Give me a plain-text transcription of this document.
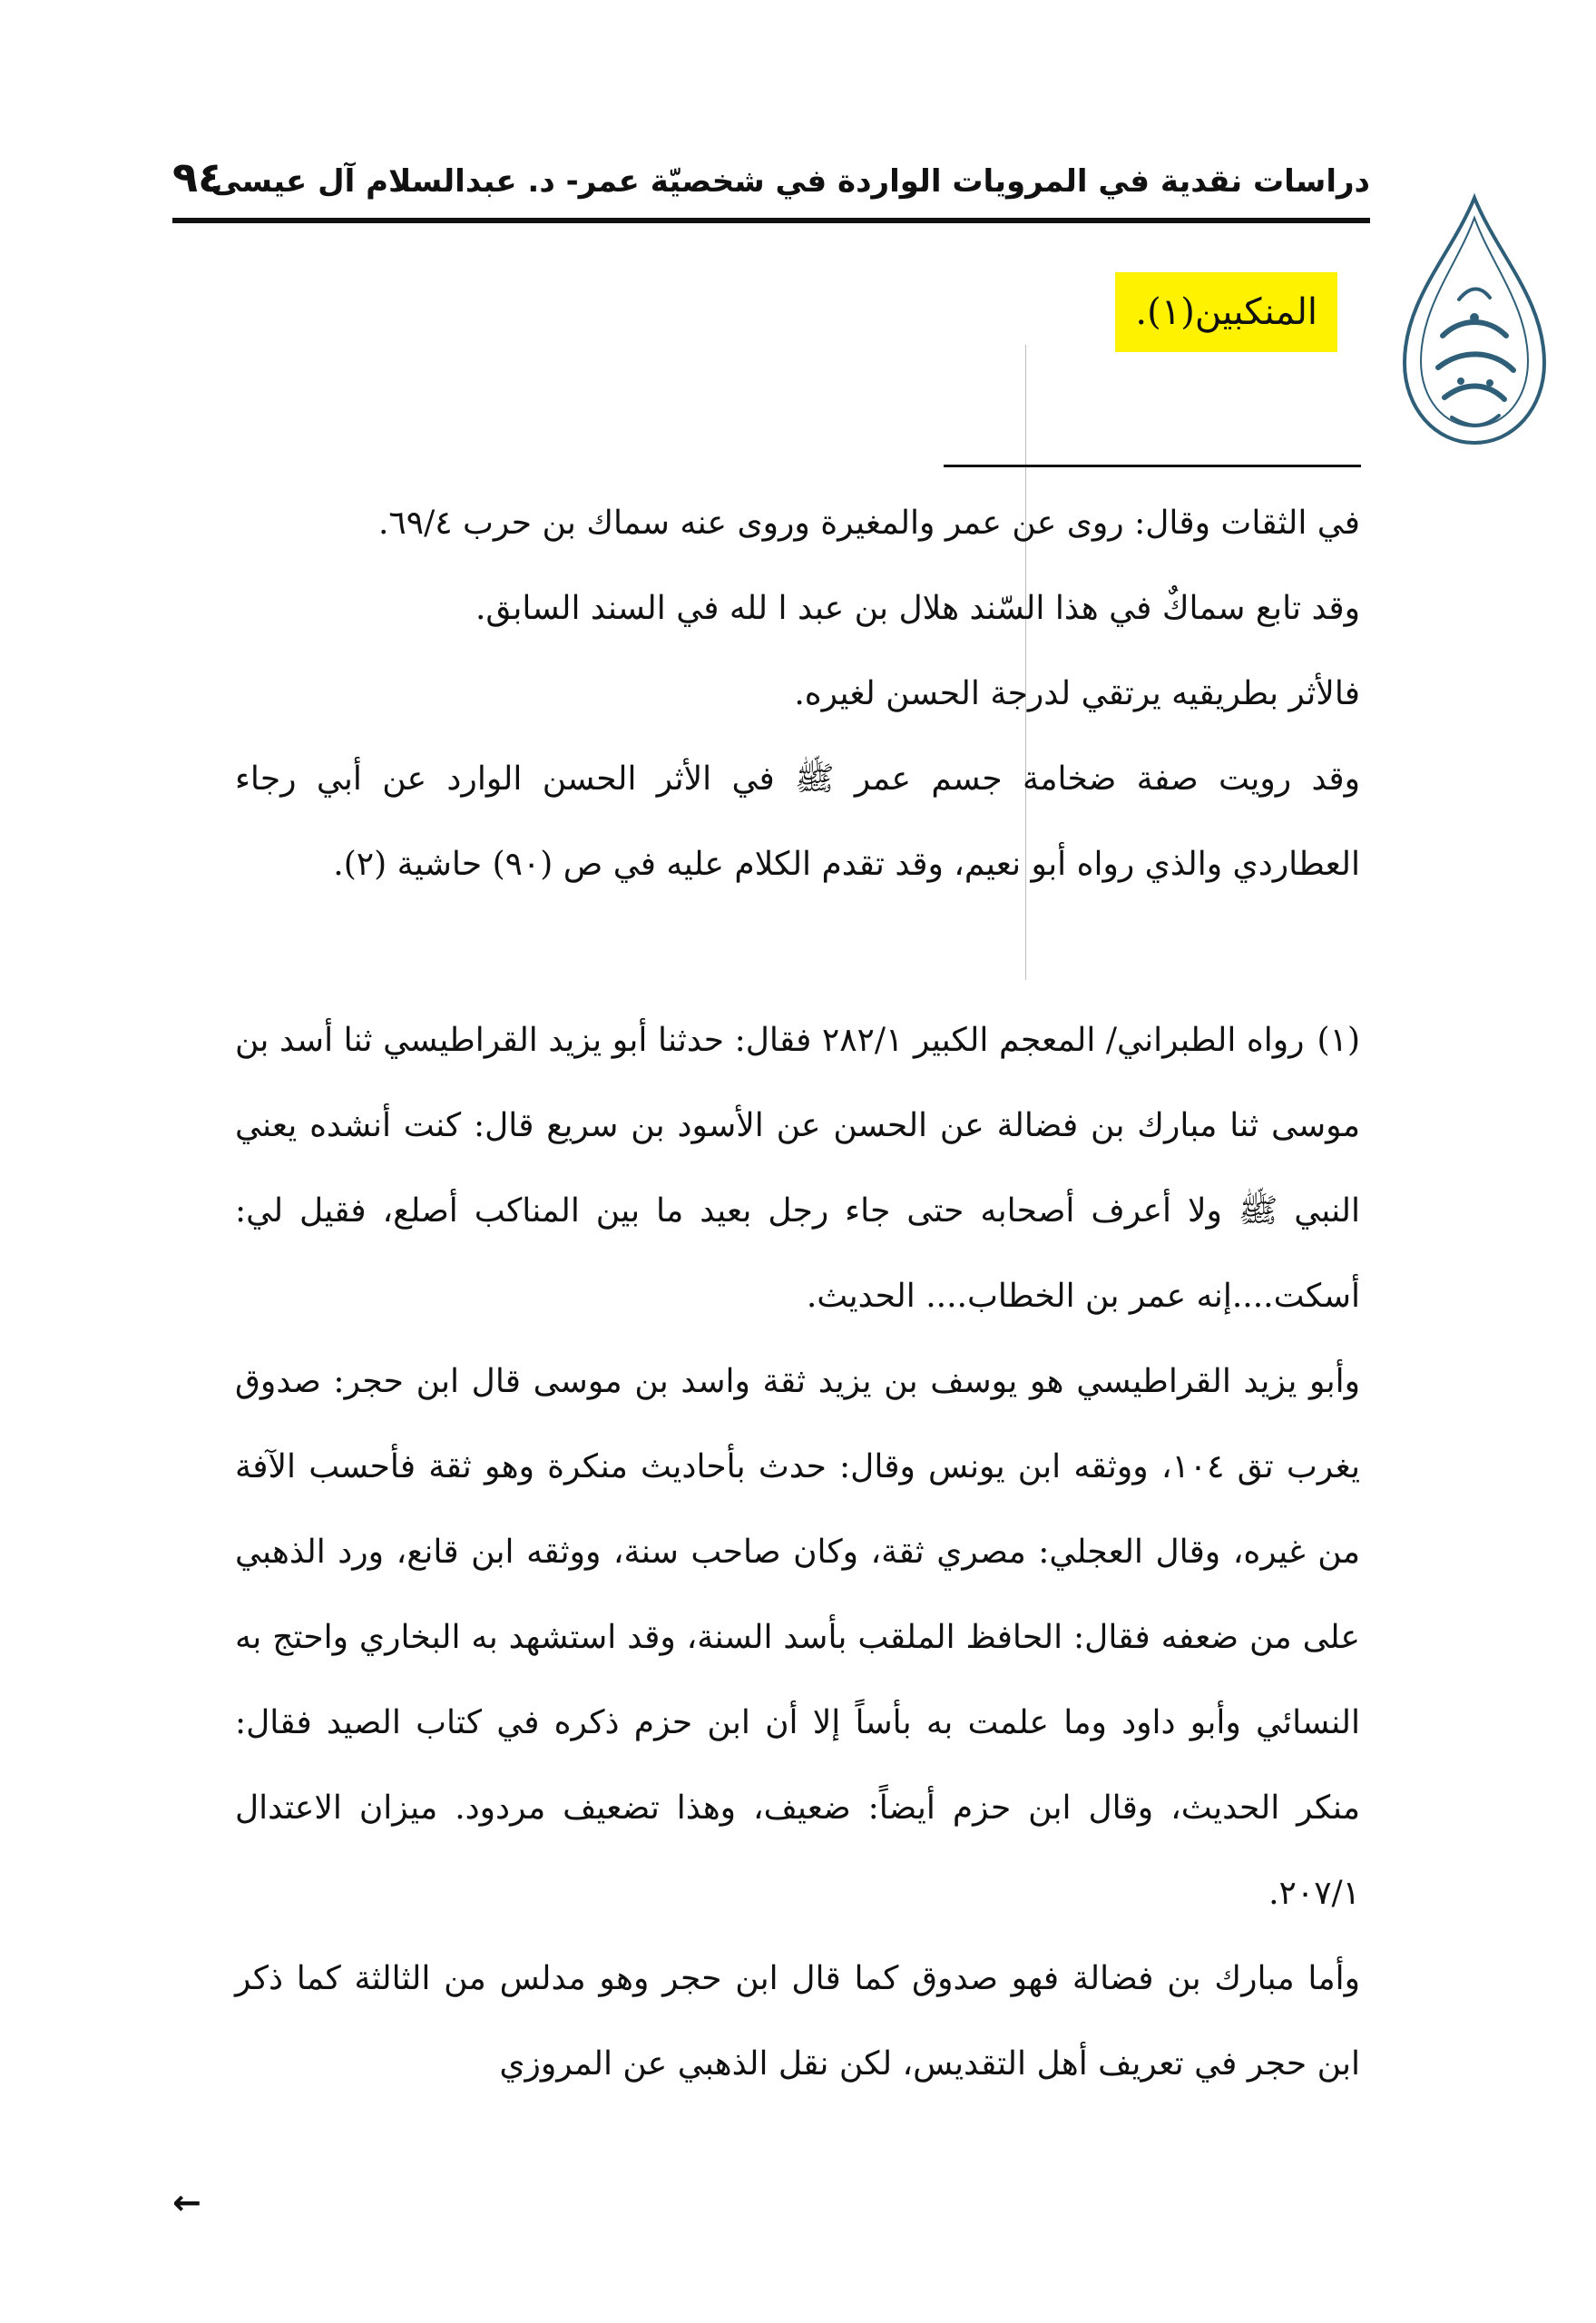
دراسات نقدية في المرويات الواردة في شخصيّة عمر- د. عبدالسلام آل عيسى
٩٤
المنكبين(١).

في الثقات وقال: روى عن عمر والمغيرة وروى عنه سماك بن حرب ٦٩/٤.

وقد تابع سماكٌ في هذا السّند هلال بن عبد ا لله في السند السابق.

فالأثر بطريقيه يرتقي لدرجة الحسن لغيره.

وقد رويت صفة ضخامة جسم عمر ﷺ في الأثر الحسن الوارد عن أبي رجاء العطاردي والذي رواه أبو نعيم، وقد تقدم الكلام عليه في ص (٩٠) حاشية (٢).

(١)رواه الطبراني/ المعجم الكبير ٢٨٢/١ فقال: حدثنا أبو يزيد القراطيسي ثنا أسد بن موسى ثنا مبارك بن فضالة عن الحسن عن الأسود بن سريع قال: كنت أنشده يعني النبي ﷺ ولا أعرف أصحابه حتى جاء رجل بعيد ما بين المناكب أصلع، فقيل لي: أسكت....إنه عمر بن الخطاب.... الحديث.

وأبو يزيد القراطيسي هو يوسف بن يزيد ثقة واسد بن موسى قال ابن حجر: صدوق يغرب تق ١٠٤، ووثقه ابن يونس وقال: حدث بأحاديث منكرة وهو ثقة فأحسب الآفة من غيره، وقال العجلي: مصري ثقة، وكان صاحب سنة، ووثقه ابن قانع، ورد الذهبي على من ضعفه فقال: الحافظ الملقب بأسد السنة، وقد استشهد به البخاري واحتج به النسائي وأبو داود وما علمت به بأساً إلا أن ابن حزم ذكره في كتاب الصيد فقال: منكر الحديث، وقال ابن حزم أيضاً: ضعيف، وهذا تضعيف مردود. ميزان الاعتدال ٢٠٧/١.

وأما مبارك بن فضالة فهو صدوق كما قال ابن حجر وهو مدلس من الثالثة كما ذكر ابن حجر في تعريف أهل التقديس، لكن نقل الذهبي عن المروزي

←
